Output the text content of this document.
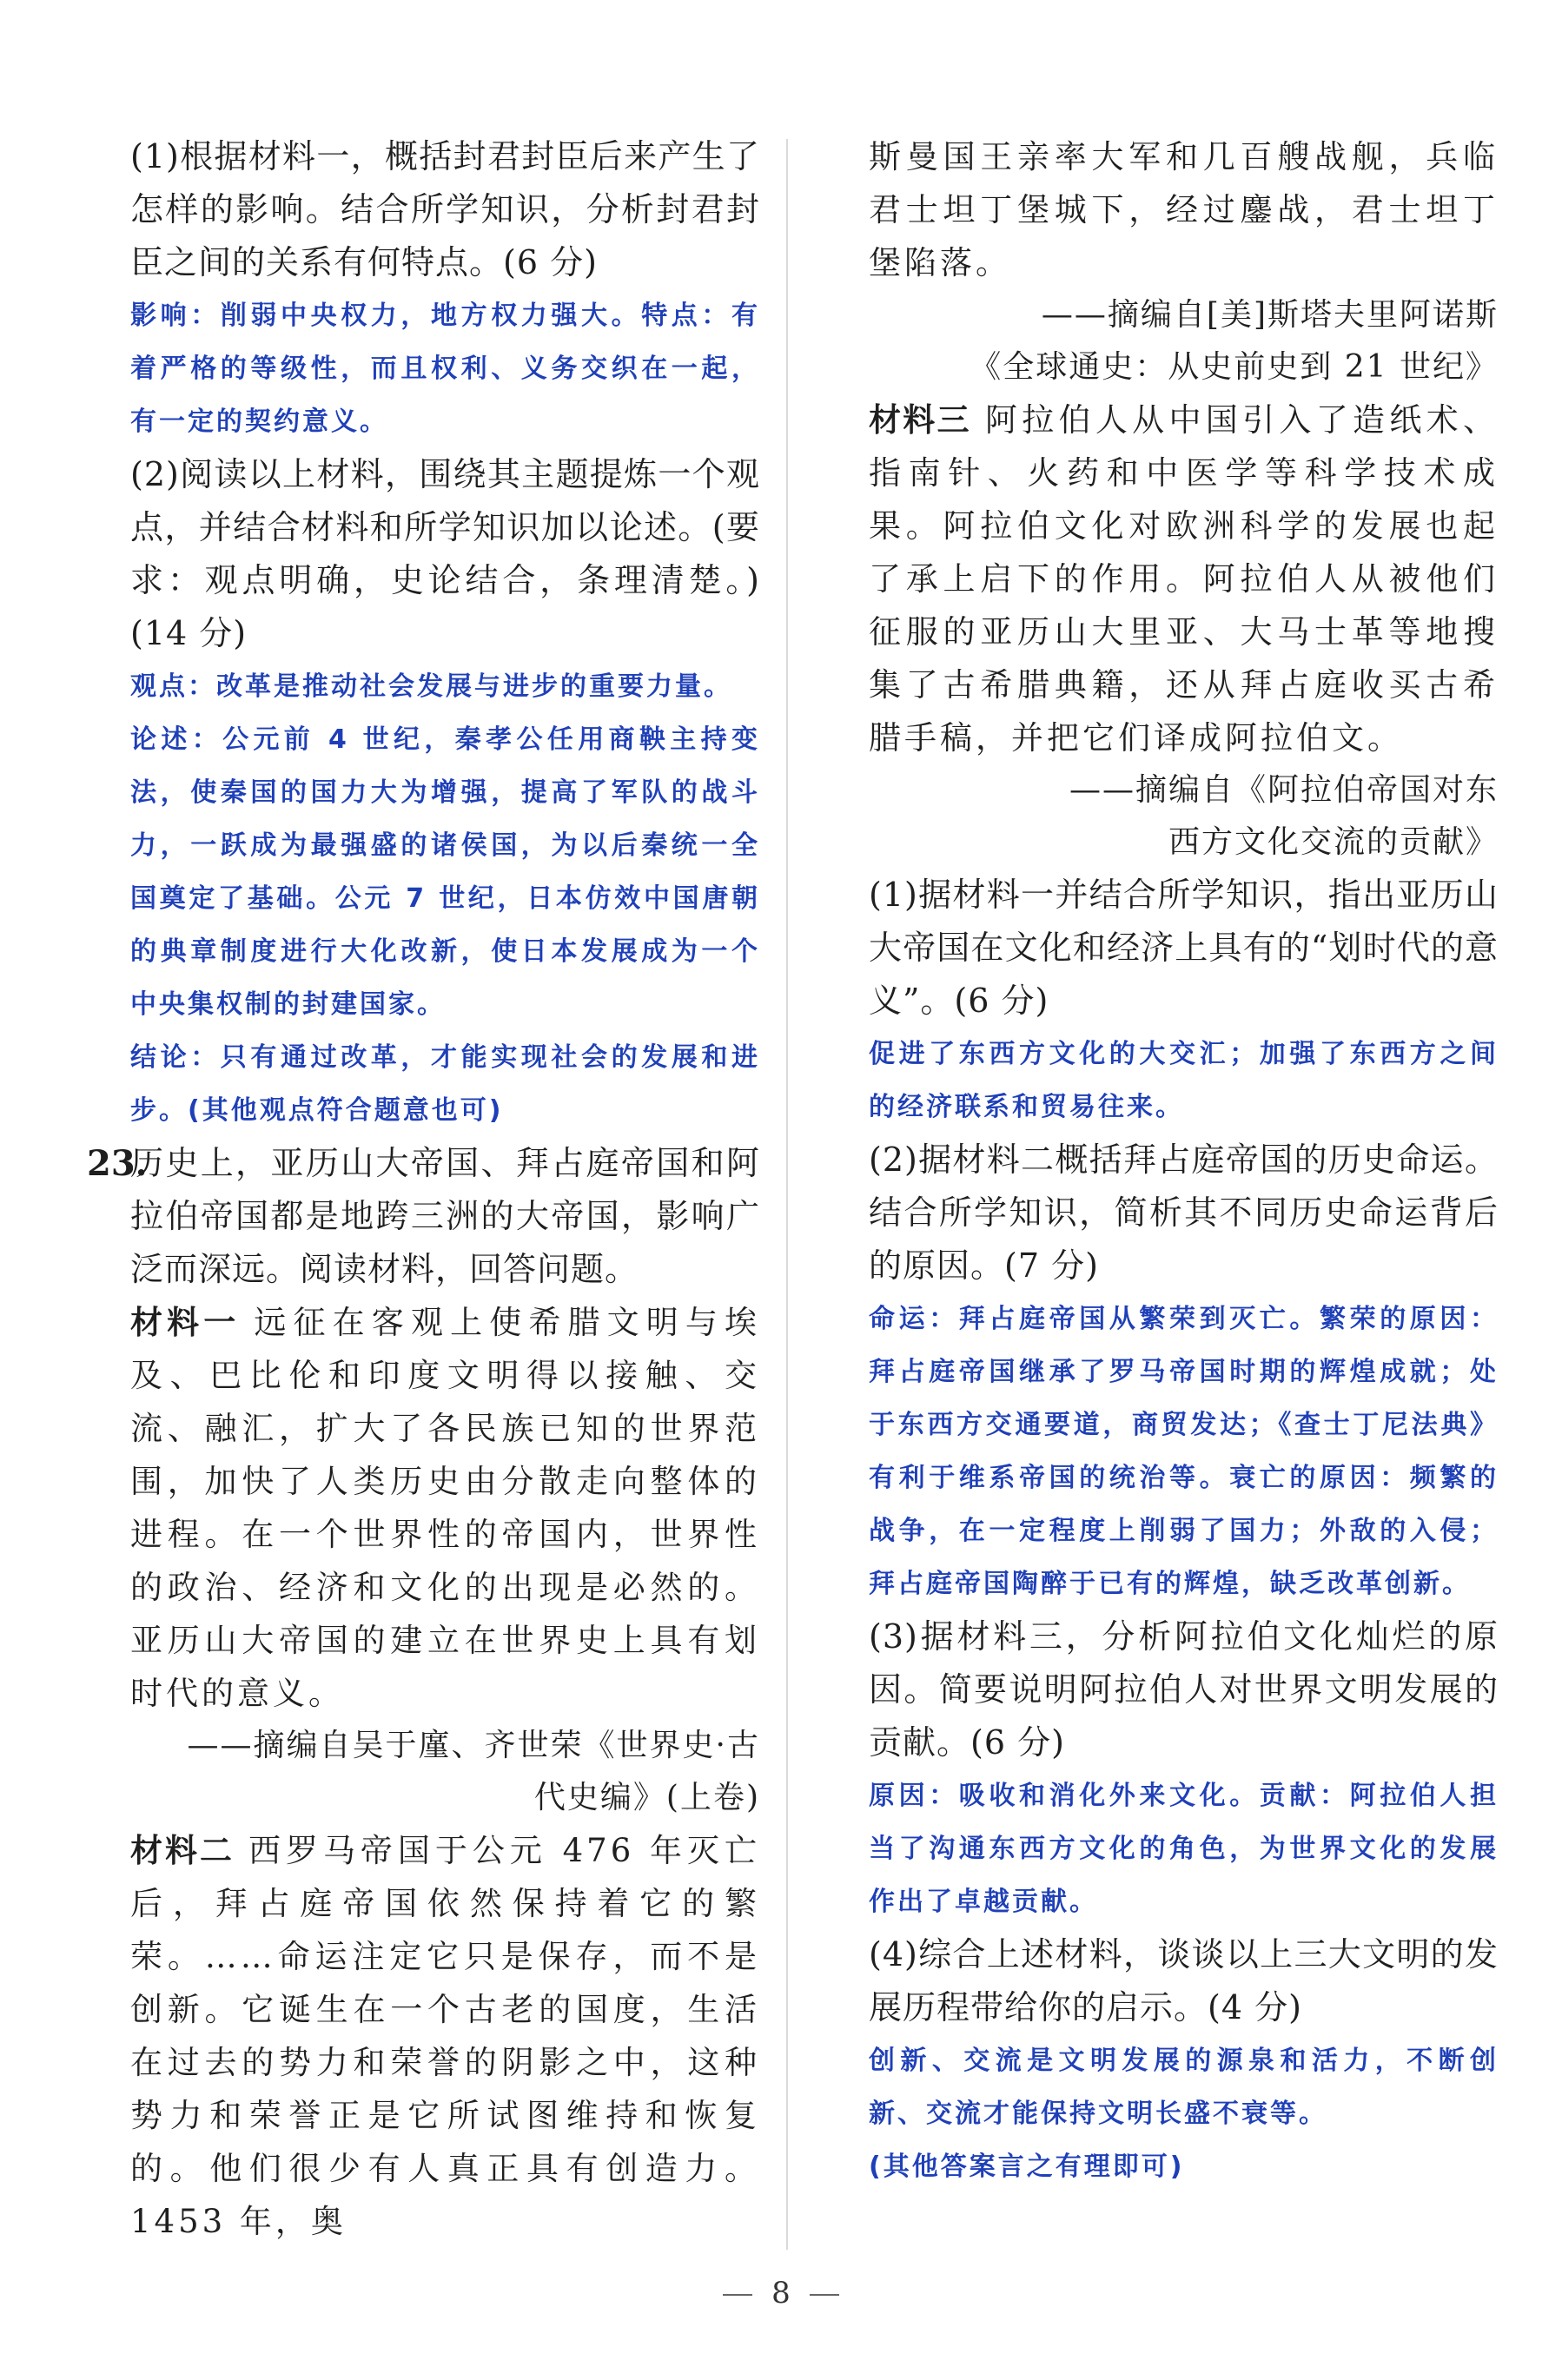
(1)根据材料一，概括封君封臣后来产生了怎样的影响。结合所学知识，分析封君封臣之间的关系有何特点。(6 分)

影响：削弱中央权力，地方权力强大。特点：有着严格的等级性，而且权利、义务交织在一起，有一定的契约意义。

(2)阅读以上材料，围绕其主题提炼一个观点，并结合材料和所学知识加以论述。(要求：观点明确，史论结合，条理清楚。)(14 分)

观点：改革是推动社会发展与进步的重要力量。

论述：公元前 4 世纪，秦孝公任用商鞅主持变法，使秦国的国力大为增强，提高了军队的战斗力，一跃成为最强盛的诸侯国，为以后秦统一全国奠定了基础。公元 7 世纪，日本仿效中国唐朝的典章制度进行大化改新，使日本发展成为一个中央集权制的封建国家。

结论：只有通过改革，才能实现社会的发展和进步。(其他观点符合题意也可)

23.

历史上，亚历山大帝国、拜占庭帝国和阿拉伯帝国都是地跨三洲的大帝国，影响广泛而深远。阅读材料，回答问题。

材料一 远征在客观上使希腊文明与埃及、巴比伦和印度文明得以接触、交流、融汇，扩大了各民族已知的世界范围，加快了人类历史由分散走向整体的进程。在一个世界性的帝国内，世界性的政治、经济和文化的出现是必然的。亚历山大帝国的建立在世界史上具有划时代的意义。

——摘编自吴于廑、齐世荣《世界史·古

代史编》(上卷)

材料二 西罗马帝国于公元 476 年灭亡后，拜占庭帝国依然保持着它的繁荣。……命运注定它只是保存，而不是创新。它诞生在一个古老的国度，生活在过去的势力和荣誉的阴影之中，这种势力和荣誉正是它所试图维持和恢复的。他们很少有人真正具有创造力。1453 年，奥

斯曼国王亲率大军和几百艘战舰，兵临君士坦丁堡城下，经过鏖战，君士坦丁堡陷落。

——摘编自[美]斯塔夫里阿诺斯

《全球通史：从史前史到 21 世纪》

材料三 阿拉伯人从中国引入了造纸术、指南针、火药和中医学等科学技术成果。阿拉伯文化对欧洲科学的发展也起了承上启下的作用。阿拉伯人从被他们征服的亚历山大里亚、大马士革等地搜集了古希腊典籍，还从拜占庭收买古希腊手稿，并把它们译成阿拉伯文。

——摘编自《阿拉伯帝国对东

西方文化交流的贡献》

(1)据材料一并结合所学知识，指出亚历山大帝国在文化和经济上具有的“划时代的意义”。(6 分)

促进了东西方文化的大交汇；加强了东西方之间的经济联系和贸易往来。

(2)据材料二概括拜占庭帝国的历史命运。结合所学知识，简析其不同历史命运背后的原因。(7 分)

命运：拜占庭帝国从繁荣到灭亡。繁荣的原因：拜占庭帝国继承了罗马帝国时期的辉煌成就；处于东西方交通要道，商贸发达；《查士丁尼法典》有利于维系帝国的统治等。衰亡的原因：频繁的战争，在一定程度上削弱了国力；外敌的入侵；拜占庭帝国陶醉于已有的辉煌，缺乏改革创新。

(3)据材料三，分析阿拉伯文化灿烂的原因。简要说明阿拉伯人对世界文明发展的贡献。(6 分)

原因：吸收和消化外来文化。贡献：阿拉伯人担当了沟通东西方文化的角色，为世界文化的发展作出了卓越贡献。

(4)综合上述材料，谈谈以上三大文明的发展历程带给你的启示。(4 分)

创新、交流是文明发展的源泉和活力，不断创新、交流才能保持文明长盛不衰等。

(其他答案言之有理即可)

8
